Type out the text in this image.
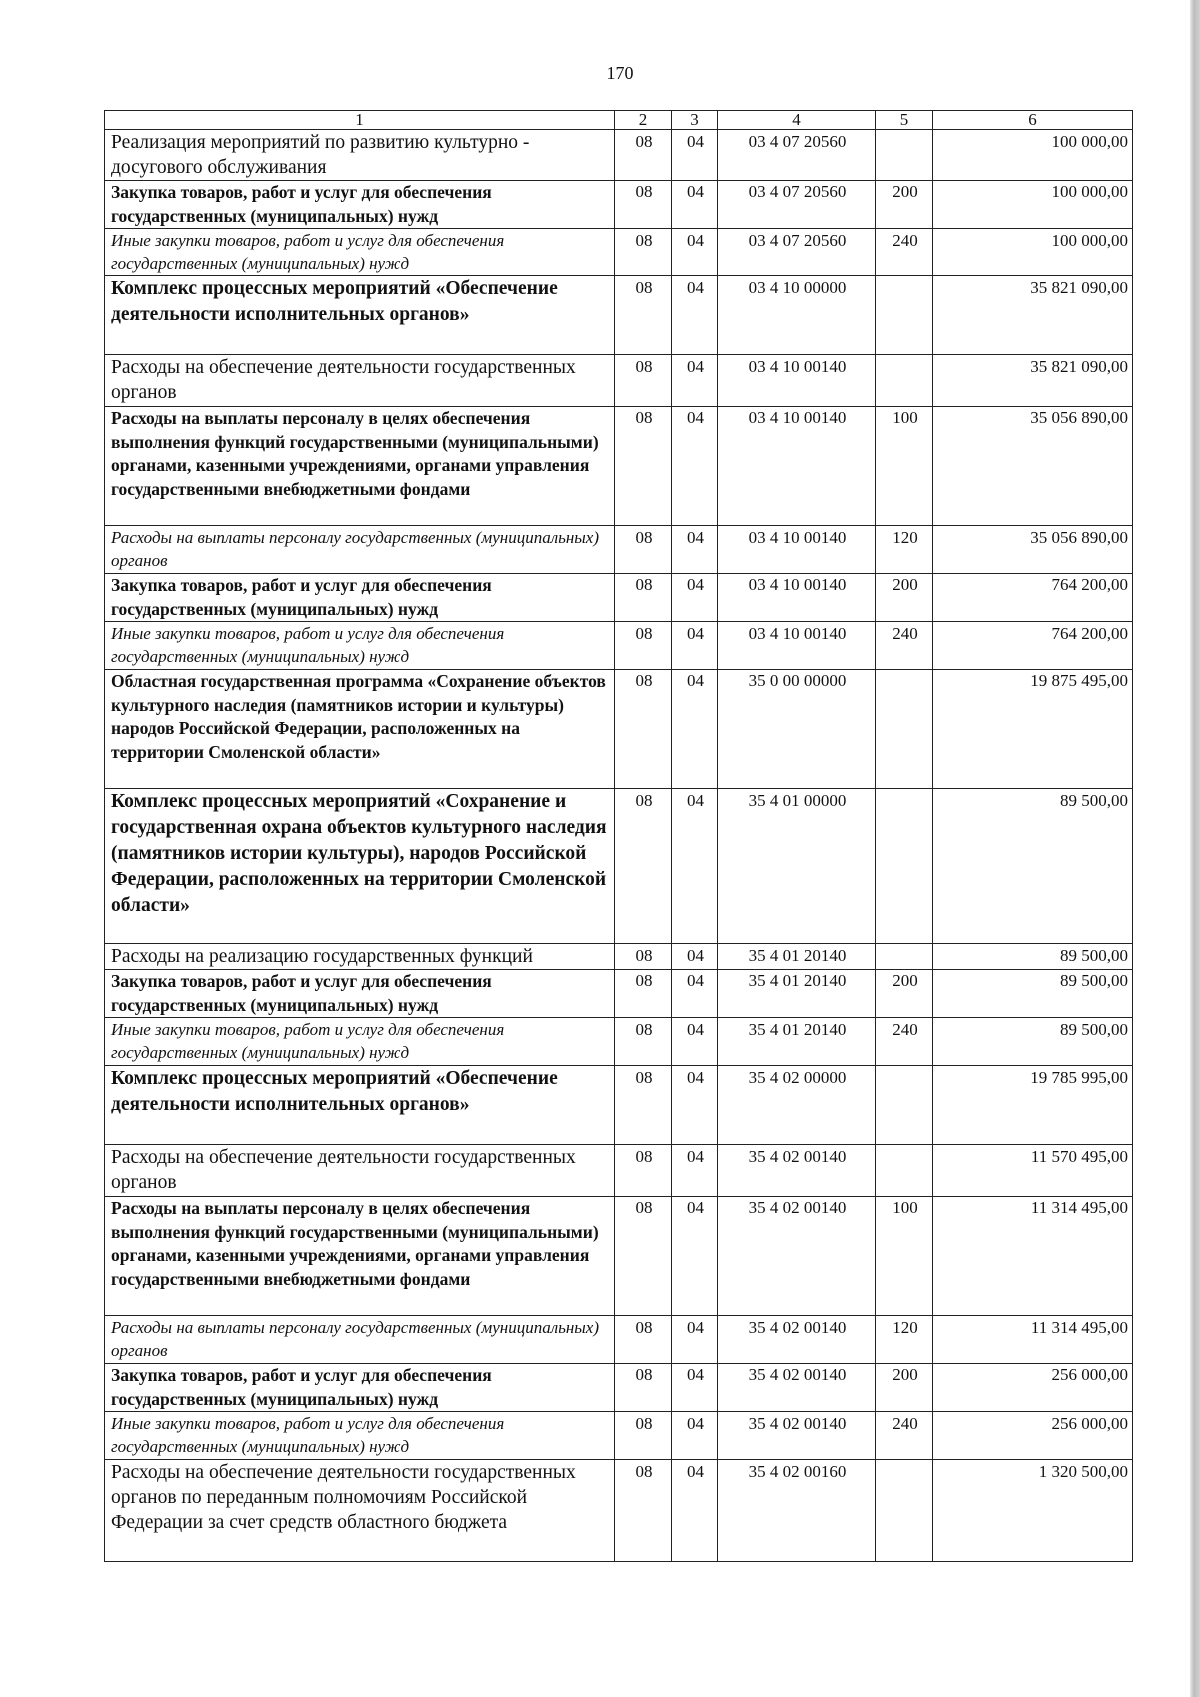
170
1	2	3	4	5	6
Реализация мероприятий по развитию культурно - досугового обслуживания	08	04	03 4 07 20560		100 000,00
Закупка товаров, работ и услуг для обеспечения государственных (муниципальных) нужд	08	04	03 4 07 20560	200	100 000,00
Иные закупки товаров, работ и услуг для обеспечения государственных (муниципальных) нужд	08	04	03 4 07 20560	240	100 000,00
Комплекс процессных мероприятий «Обеспечение деятельности исполнительных органов»	08	04	03 4 10 00000		35 821 090,00
Расходы на обеспечение деятельности государственных органов	08	04	03 4 10 00140		35 821 090,00
Расходы на выплаты персоналу в целях обеспечения выполнения функций государственными (муниципальными) органами, казенными учреждениями, органами управления государственными внебюджетными фондами	08	04	03 4 10 00140	100	35 056 890,00
Расходы на выплаты персоналу государственных (муниципальных) органов	08	04	03 4 10 00140	120	35 056 890,00
Закупка товаров, работ и услуг для обеспечения государственных (муниципальных) нужд	08	04	03 4 10 00140	200	764 200,00
Иные закупки товаров, работ и услуг для обеспечения государственных (муниципальных) нужд	08	04	03 4 10 00140	240	764 200,00
Областная государственная программа «Сохранение объектов культурного наследия (памятников истории и культуры) народов Российской Федерации, расположенных на территории Смоленской области»	08	04	35 0 00 00000		19 875 495,00
Комплекс процессных мероприятий «Сохранение и государственная охрана объектов культурного наследия (памятников истории культуры), народов Российской Федерации, расположенных на территории Смоленской области»	08	04	35 4 01 00000		89 500,00
Расходы на реализацию государственных функций	08	04	35 4 01 20140		89 500,00
Закупка товаров, работ и услуг для обеспечения государственных (муниципальных) нужд	08	04	35 4 01 20140	200	89 500,00
Иные закупки товаров, работ и услуг для обеспечения государственных (муниципальных) нужд	08	04	35 4 01 20140	240	89 500,00
Комплекс процессных мероприятий «Обеспечение деятельности исполнительных органов»	08	04	35 4 02 00000		19 785 995,00
Расходы на обеспечение деятельности государственных органов	08	04	35 4 02 00140		11 570 495,00
Расходы на выплаты персоналу в целях обеспечения выполнения функций государственными (муниципальными) органами, казенными учреждениями, органами управления государственными внебюджетными фондами	08	04	35 4 02 00140	100	11 314 495,00
Расходы на выплаты персоналу государственных (муниципальных) органов	08	04	35 4 02 00140	120	11 314 495,00
Закупка товаров, работ и услуг для обеспечения государственных (муниципальных) нужд	08	04	35 4 02 00140	200	256 000,00
Иные закупки товаров, работ и услуг для обеспечения государственных (муниципальных) нужд	08	04	35 4 02 00140	240	256 000,00
Расходы на обеспечение деятельности государственных органов по переданным полномочиям Российской Федерации за счет средств областного бюджета	08	04	35 4 02 00160		1 320 500,00
